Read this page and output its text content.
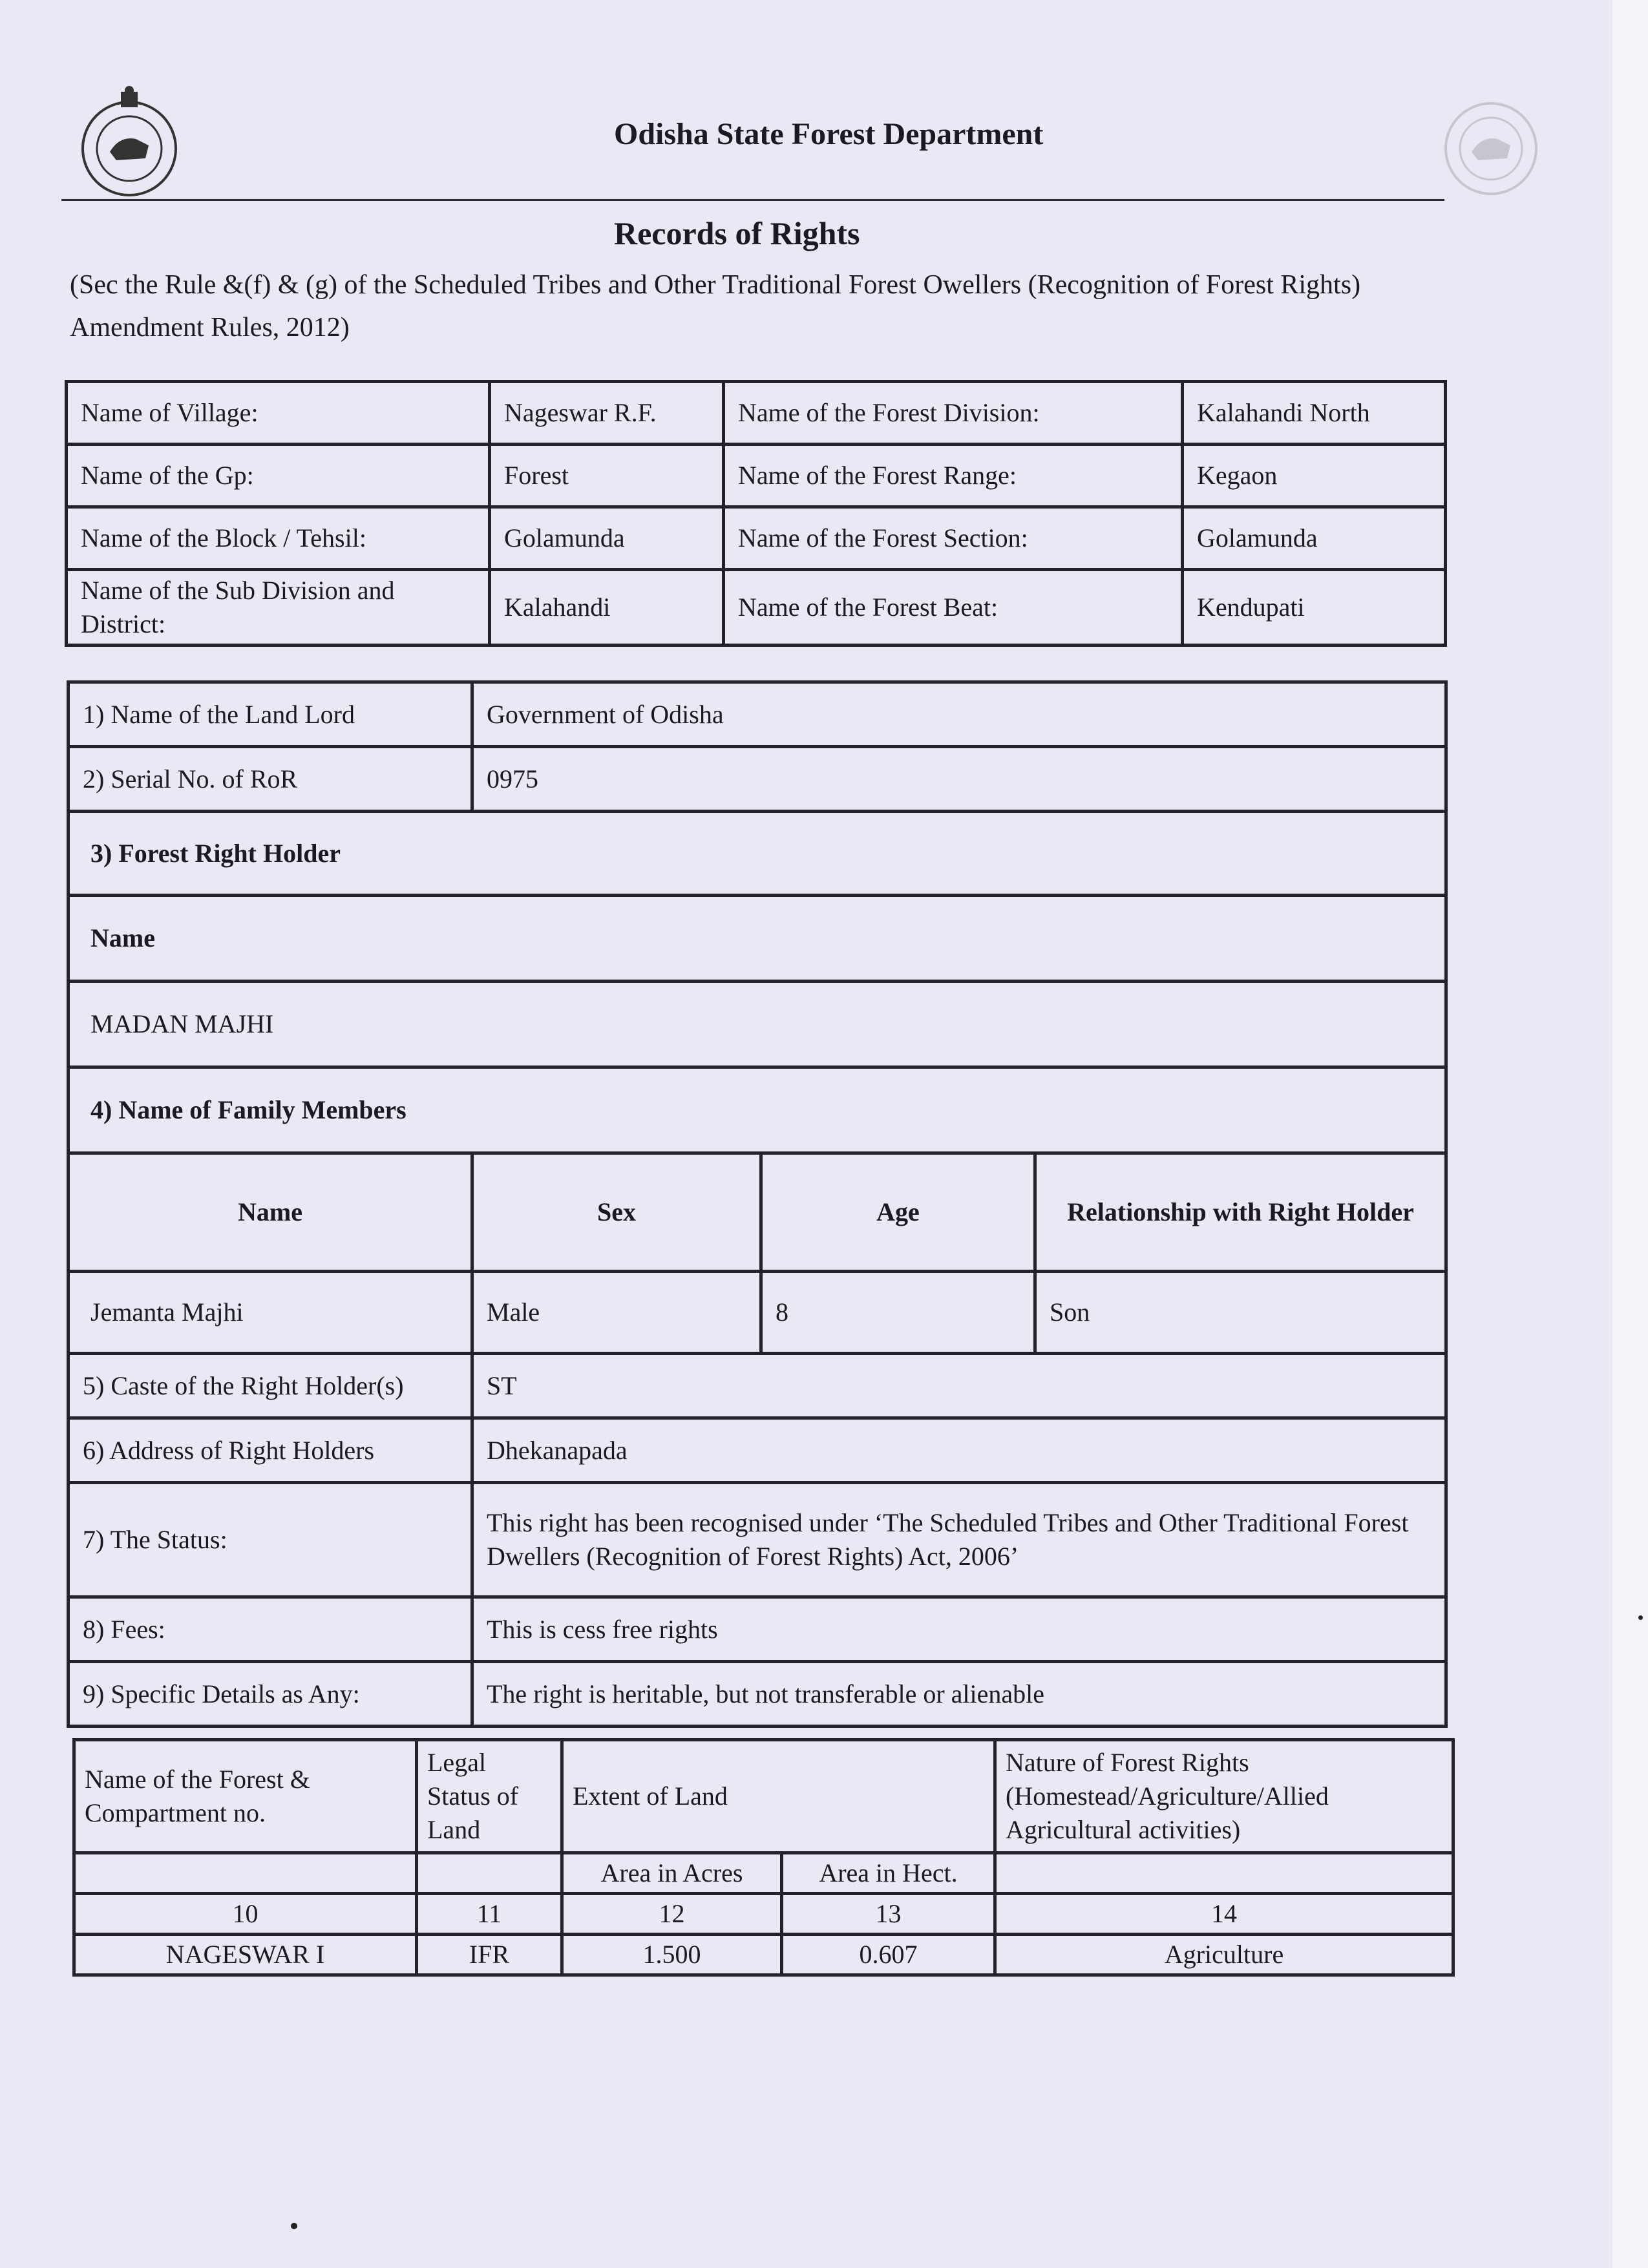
Odisha State Forest Department
Records of Rights
(Sec the Rule &(f) & (g) of the Scheduled Tribes and Other Traditional Forest Owellers (Recognition of Forest Rights) Amendment Rules, 2012)
Name of Village:	Nageswar R.F.	Name of the Forest Division:	Kalahandi North
Name of the Gp:	Forest	Name of the Forest Range:	Kegaon
Name of the Block / Tehsil:	Golamunda	Name of the Forest Section:	Golamunda
Name of the Sub Division and District:	Kalahandi	Name of the Forest Beat:	Kendupati
1) Name of the Land Lord	Government of Odisha		
2) Serial No. of RoR	0975		
3) Forest Right Holder			
Name			
MADAN MAJHI			
4) Name of Family Members			
Name	Sex	Age	Relationship with Right Holder
Jemanta Majhi	Male	8	Son
5) Caste of the Right Holder(s)	ST		
6) Address of Right Holders	Dhekanapada		
7) The Status:	This right has been recognised under ‘The Scheduled Tribes and Other Traditional Forest Dwellers (Recognition of Forest Rights) Act, 2006’		
8) Fees:	This is cess free rights		
9) Specific Details as Any:	The right is heritable, but not transferable or alienable		
Name of the Forest & Compartment no.	Legal Status of Land	Extent of Land		Nature of Forest Rights (Homestead/Agriculture/Allied Agricultural activities)
		Area in Acres	Area in Hect.	
10	11	12	13	14
NAGESWAR I	IFR	1.500	0.607	Agriculture
